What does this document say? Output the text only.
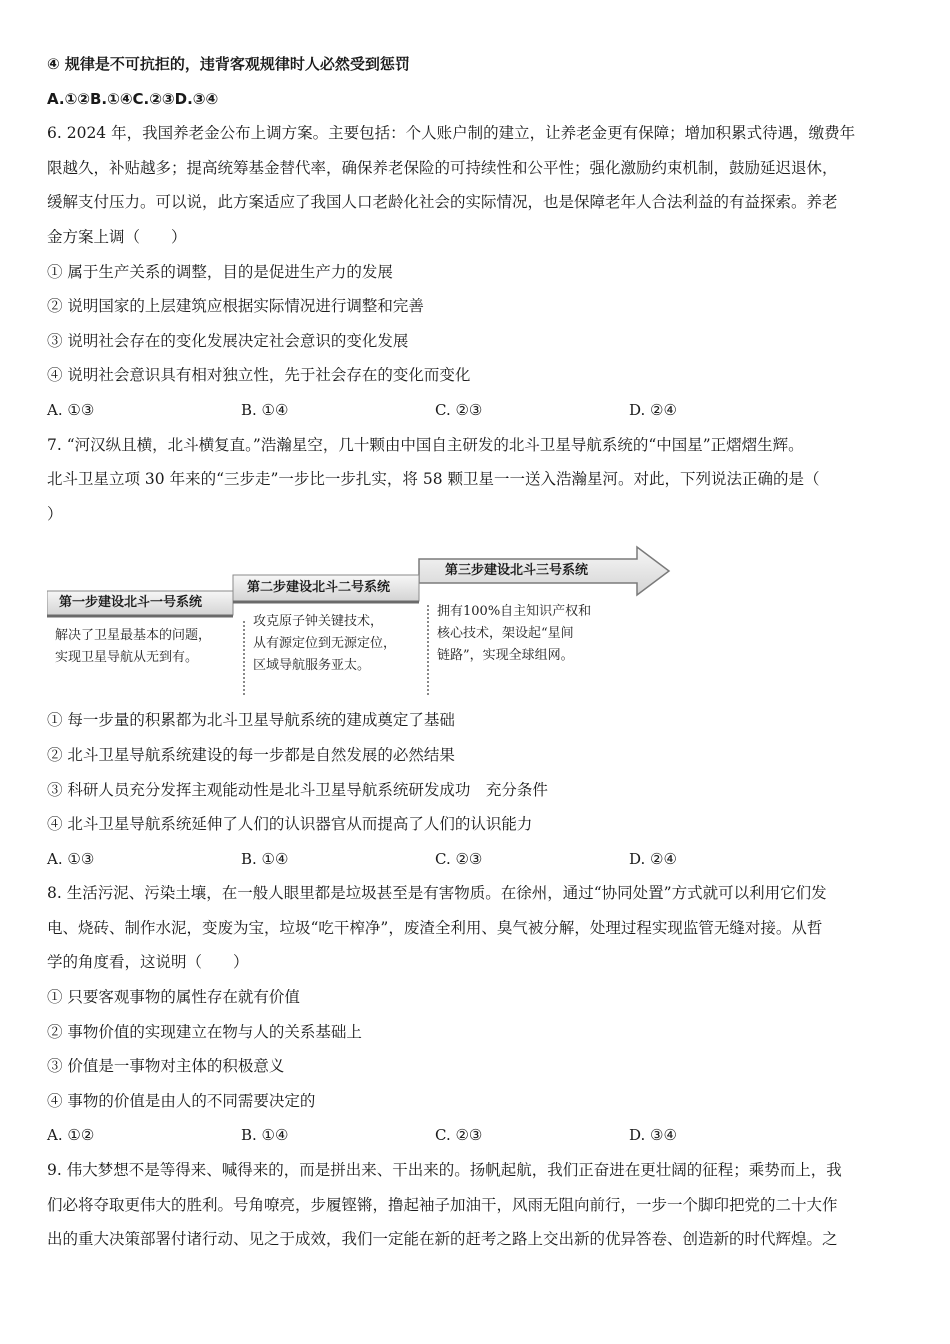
④ 规律是不可抗拒的，违背客观规律时人必然受到惩罚
A.①②B.①④C.②③D.③④
6. 2024 年，我国养老金公布上调方案。主要包括：个人账户制的建立，让养老金更有保障；增加积累式待遇，缴费年
限越久，补贴越多；提高统筹基金替代率，确保养老保险的可持续性和公平性；强化激励约束机制，鼓励延迟退休，
缓解支付压力。可以说，此方案适应了我国人口老龄化社会的实际情况，也是保障老年人合法利益的有益探索。养老
金方案上调（　　）
① 属于生产关系的调整，目的是促进生产力的发展
② 说明国家的上层建筑应根据实际情况进行调整和完善
③ 说明社会存在的变化发展决定社会意识的变化发展
④ 说明社会意识具有相对独立性，先于社会存在的变化而变化
A. ①③	B. ①④	C. ②③	D. ②④
7. “河汉纵且横，北斗横复直。”浩瀚星空，几十颗由中国自主研发的北斗卫星导航系统的“中国星”正熠熠生辉。
北斗卫星立项 30 年来的“三步走”一步比一步扎实，将 58 颗卫星一一送入浩瀚星河。对此，下列说法正确的是（
）
第一步建设北斗一号系统
解决了卫星最基本的问题，
实现卫星导航从无到有。
第二步建设北斗二号系统
攻克原子钟关键技术，
从有源定位到无源定位，
区域导航服务亚太。
第三步建设北斗三号系统
拥有100%自主知识产权和
核心技术，架设起“星间
链路”，实现全球组网。
① 每一步量的积累都为北斗卫星导航系统的建成奠定了基础
② 北斗卫星导航系统建设的每一步都是自然发展的必然结果
③ 科研人员充分发挥主观能动性是北斗卫星导航系统研发成功　充分条件
④ 北斗卫星导航系统延伸了人们的认识器官从而提高了人们的认识能力
A. ①③	B. ①④	C. ②③	D. ②④
8. 生活污泥、污染土壤，在一般人眼里都是垃圾甚至是有害物质。在徐州，通过“协同处置”方式就可以利用它们发
电、烧砖、制作水泥，变废为宝，垃圾“吃干榨净”，废渣全利用、臭气被分解，处理过程实现监管无缝对接。从哲
学的角度看，这说明（　　）
① 只要客观事物的属性存在就有价值
② 事物价值的实现建立在物与人的关系基础上
③ 价值是一事物对主体的积极意义
④ 事物的价值是由人的不同需要决定的
A. ①②	B. ①④	C. ②③	D. ③④
9. 伟大梦想不是等得来、喊得来的，而是拼出来、干出来的。扬帆起航，我们正奋进在更壮阔的征程；乘势而上，我
们必将夺取更伟大的胜利。号角嘹亮，步履铿锵，撸起袖子加油干，风雨无阻向前行，一步一个脚印把党的二十大作
出的重大决策部署付诸行动、见之于成效，我们一定能在新的赶考之路上交出新的优异答卷、创造新的时代辉煌。之
